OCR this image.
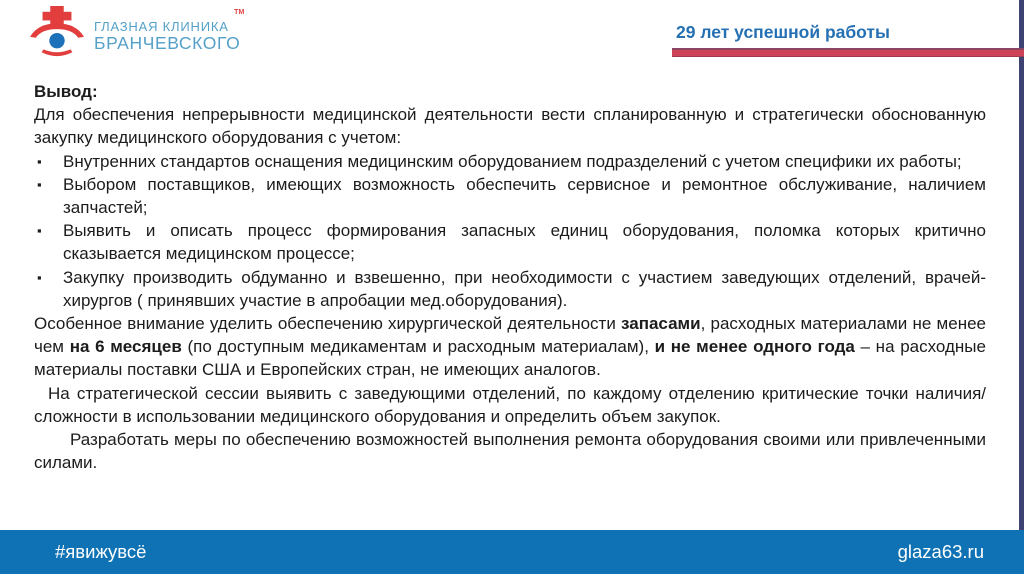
ГЛАЗНАЯ КЛИНИКА
БРАНЧЕВСКОГО
ТМ
29 лет успешной работы

Вывод:

Для обеспечения непрерывности медицинской деятельности вести спланированную и стратегически обоснованную закупку медицинского оборудования с учетом:

▪ Внутренних стандартов оснащения медицинским оборудованием подразделений с учетом специфики их работы;
▪ Выбором поставщиков, имеющих возможность обеспечить сервисное и ремонтное обслуживание, наличием запчастей;
▪ Выявить и описать процесс формирования запасных единиц оборудования, поломка которых критично сказывается медицинском процессе;
▪ Закупку производить обдуманно и взвешенно, при необходимости с участием заведующих отделений, врачей-хирургов ( принявших участие в апробации мед.оборудования).

Особенное внимание уделить обеспечению хирургической деятельности запасами, расходных материалами не менее чем на 6 месяцев (по доступным медикаментам и расходным материалам), и не менее одного года – на расходные материалы поставки США и Европейских стран, не имеющих аналогов.

На стратегической сессии выявить с заведующими отделений, по каждому отделению критические точки наличия/сложности в использовании медицинского оборудования и определить объем закупок.

Разработать меры по обеспечению возможностей выполнения ремонта оборудования своими или привлеченными силами.

#явижувсё	glaza63.ru
